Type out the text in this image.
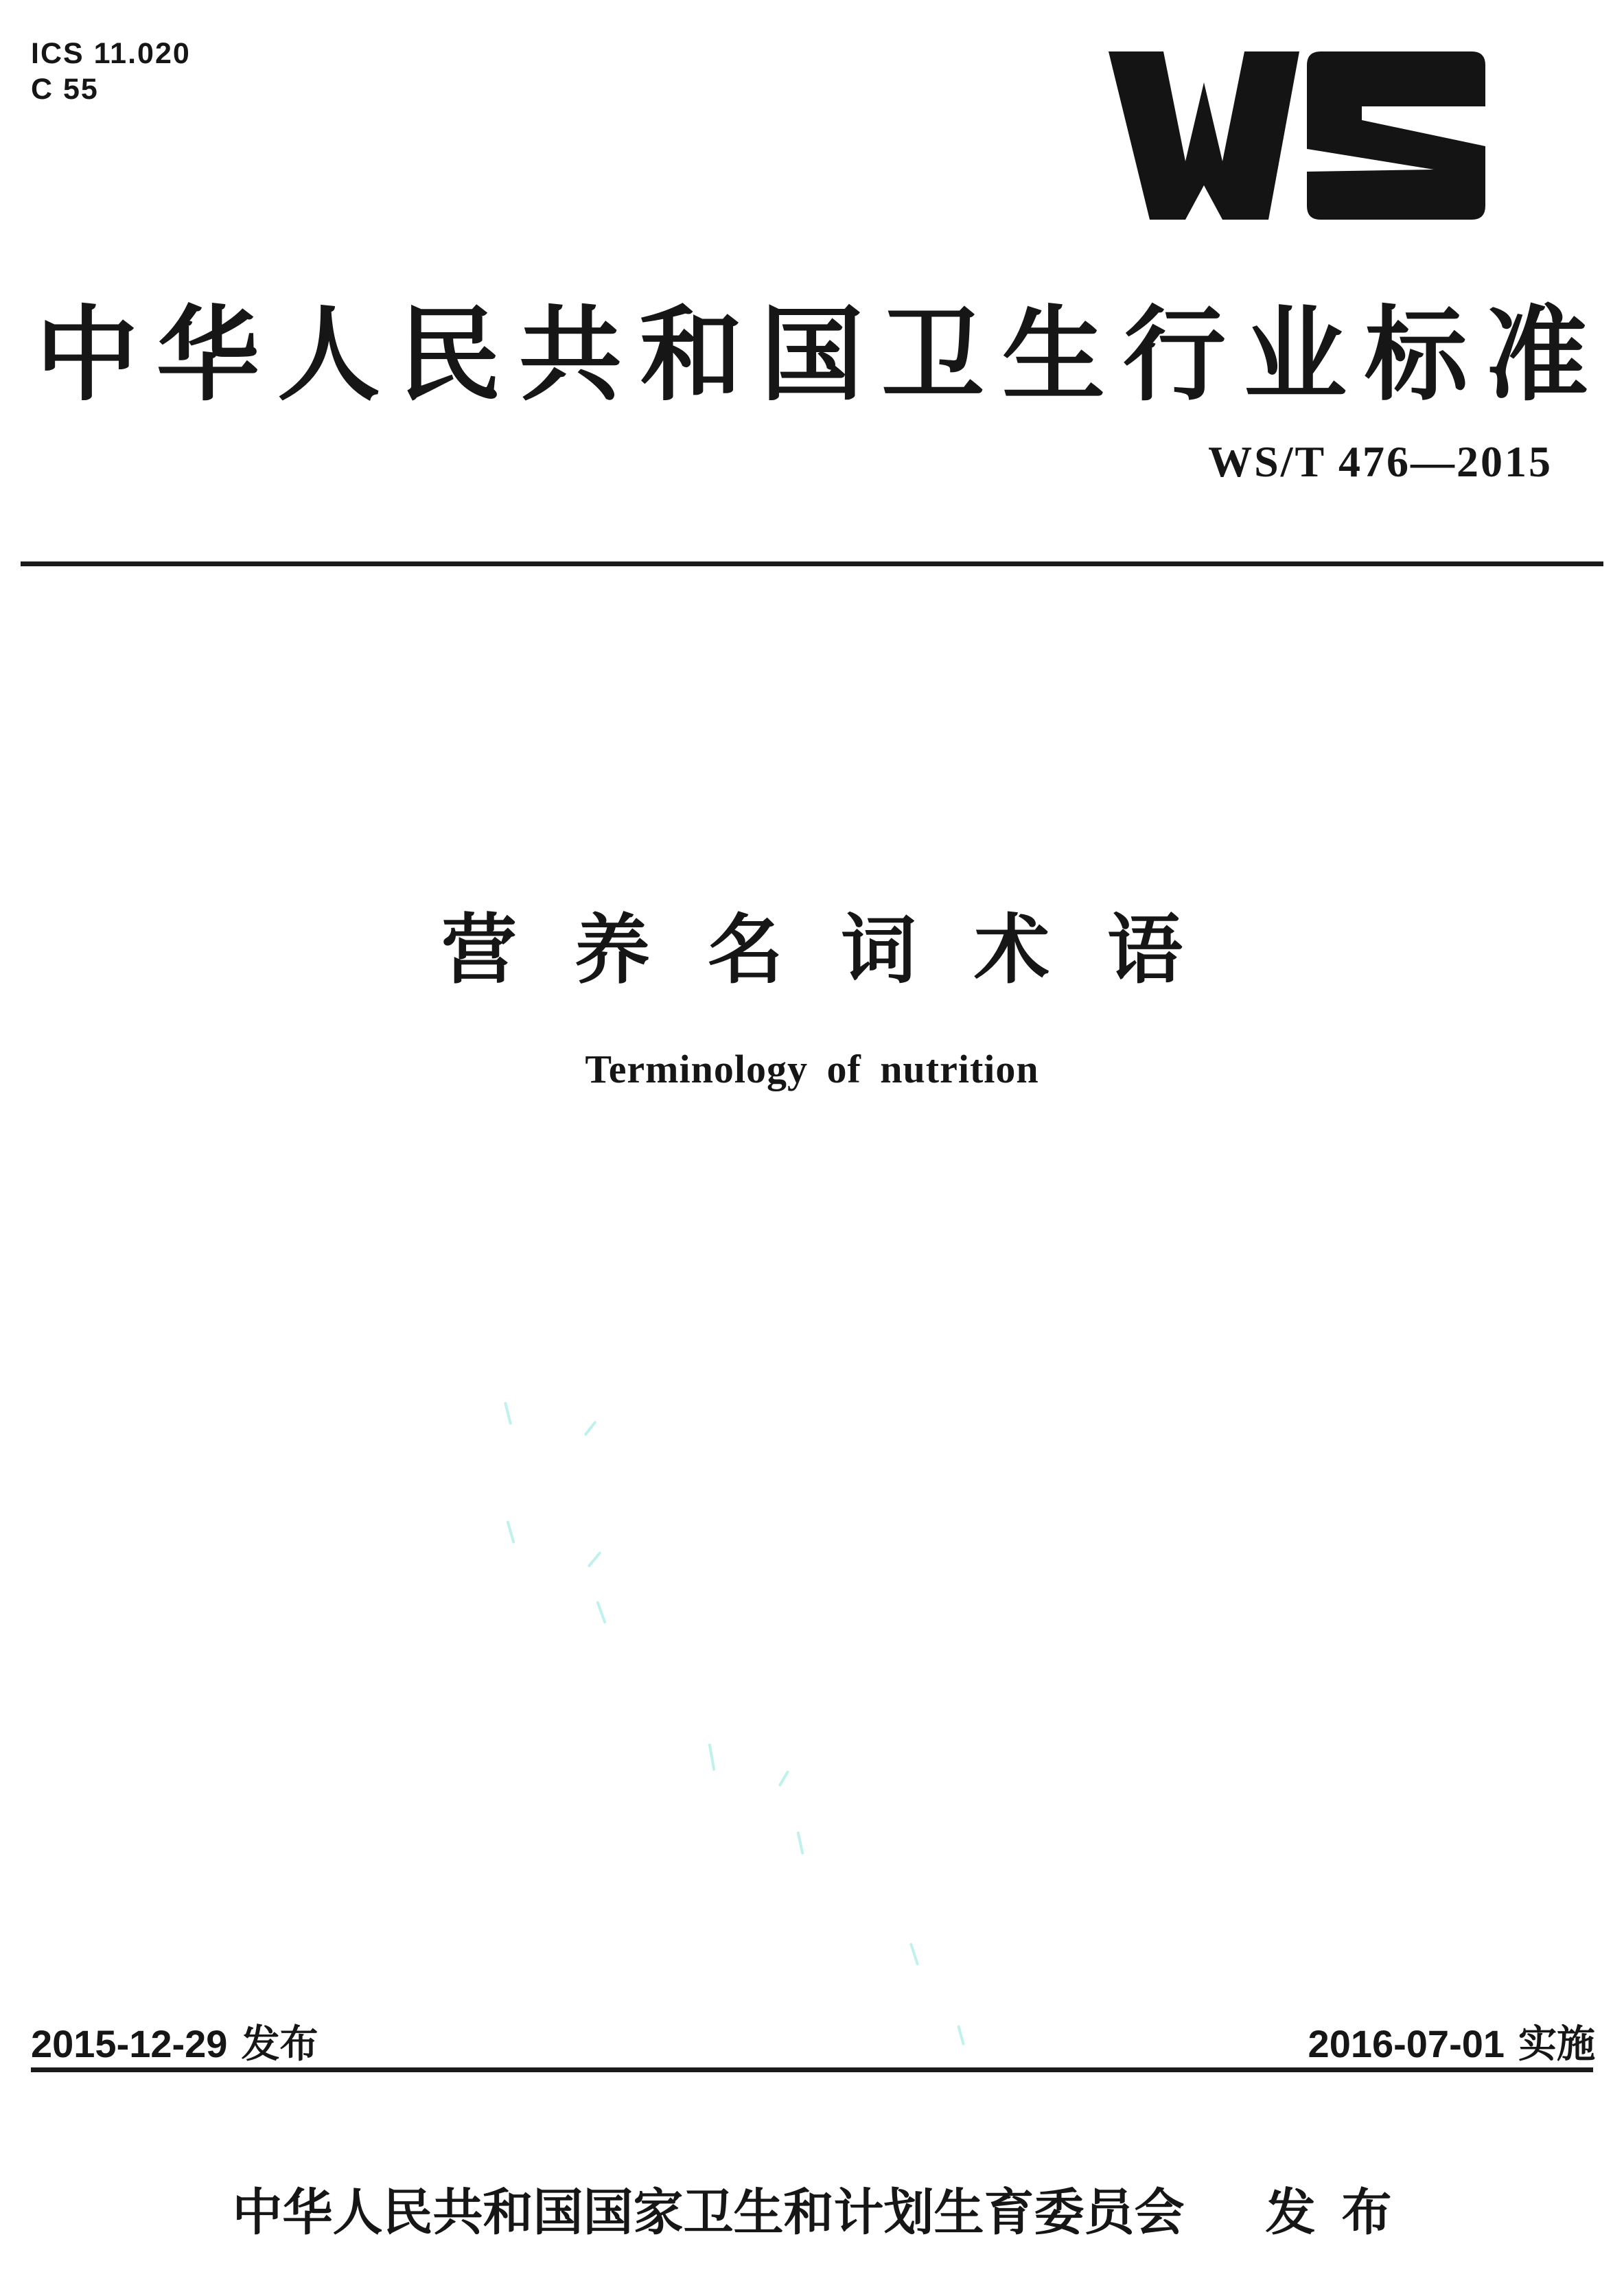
ICS 11.020
C 55
中华人民共和国卫生行业标准
WS/T 476—2015
营养名词术语
Terminology of nutrition
2015-12-29 发布	2016-07-01 实施
中华人民共和国国家卫生和计划生育委员会 发布
